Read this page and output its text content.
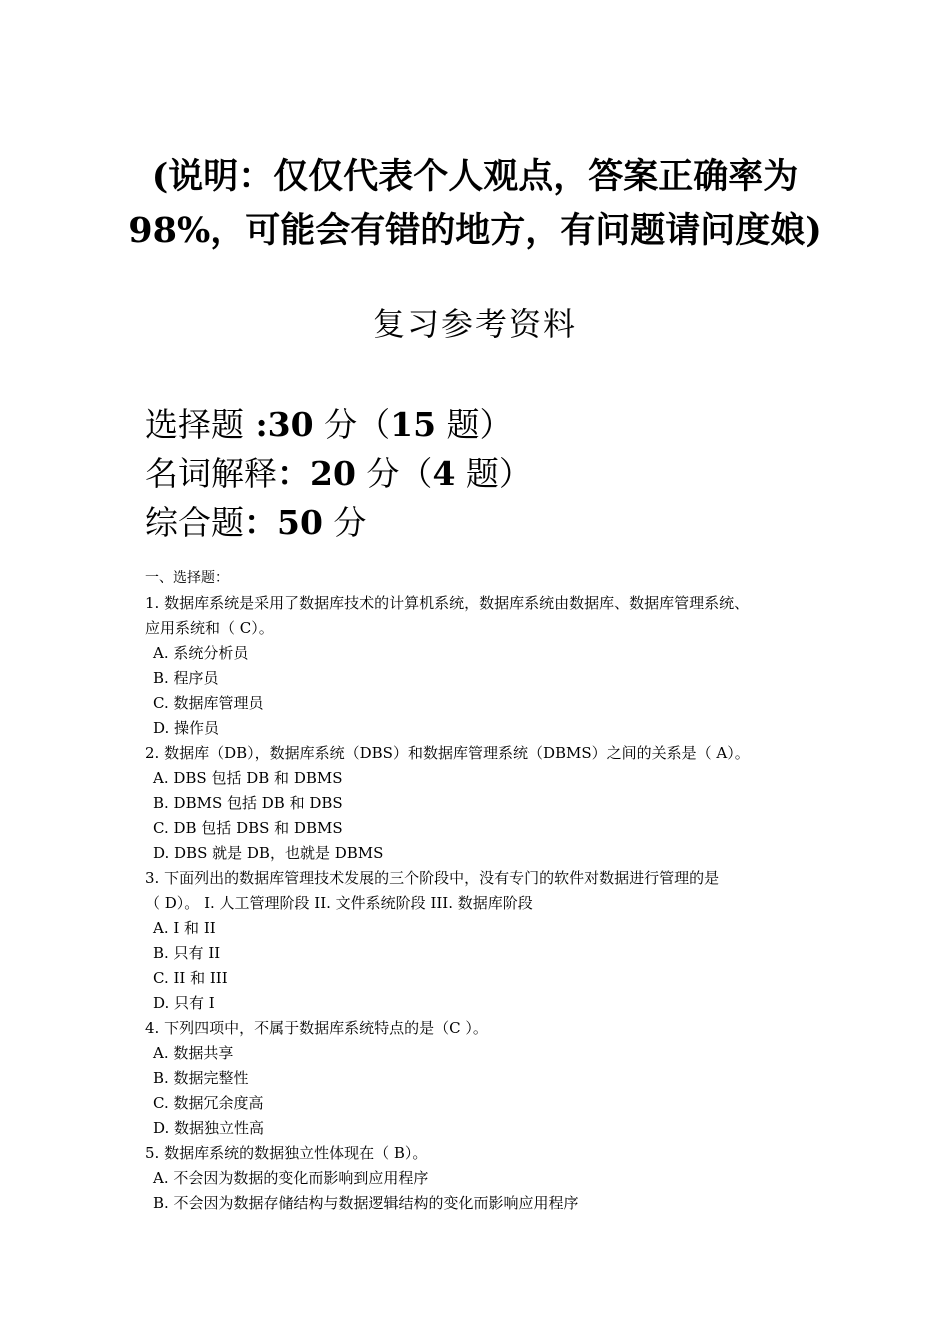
(说明：仅仅代表个人观点，答案正确率为
98%，可能会有错的地方，有问题请问度娘)
复习参考资料
选择题 :30 分（15 题）
名词解释：20 分（4 题）
综合题：50 分
一、选择题：
1. 数据库系统是采用了数据库技术的计算机系统，数据库系统由数据库、数据库管理系统、
应用系统和（ C）。
A. 系统分析员
B. 程序员
C. 数据库管理员
D. 操作员
2. 数据库（DB），数据库系统（DBS）和数据库管理系统（DBMS）之间的关系是（ A）。
A. DBS 包括 DB 和 DBMS
B. DBMS 包括 DB 和 DBS
C. DB 包括 DBS 和 DBMS
D. DBS 就是 DB，也就是 DBMS
3. 下面列出的数据库管理技术发展的三个阶段中，没有专门的软件对数据进行管理的是
（ D）。 I. 人工管理阶段 II. 文件系统阶段 III. 数据库阶段
A. I 和 II
B. 只有 II
C. II 和 III
D. 只有 I
4. 下列四项中，不属于数据库系统特点的是（C ）。
A. 数据共享
B. 数据完整性
C. 数据冗余度高
D. 数据独立性高
5. 数据库系统的数据独立性体现在（ B）。
A. 不会因为数据的变化而影响到应用程序
B. 不会因为数据存储结构与数据逻辑结构的变化而影响应用程序
